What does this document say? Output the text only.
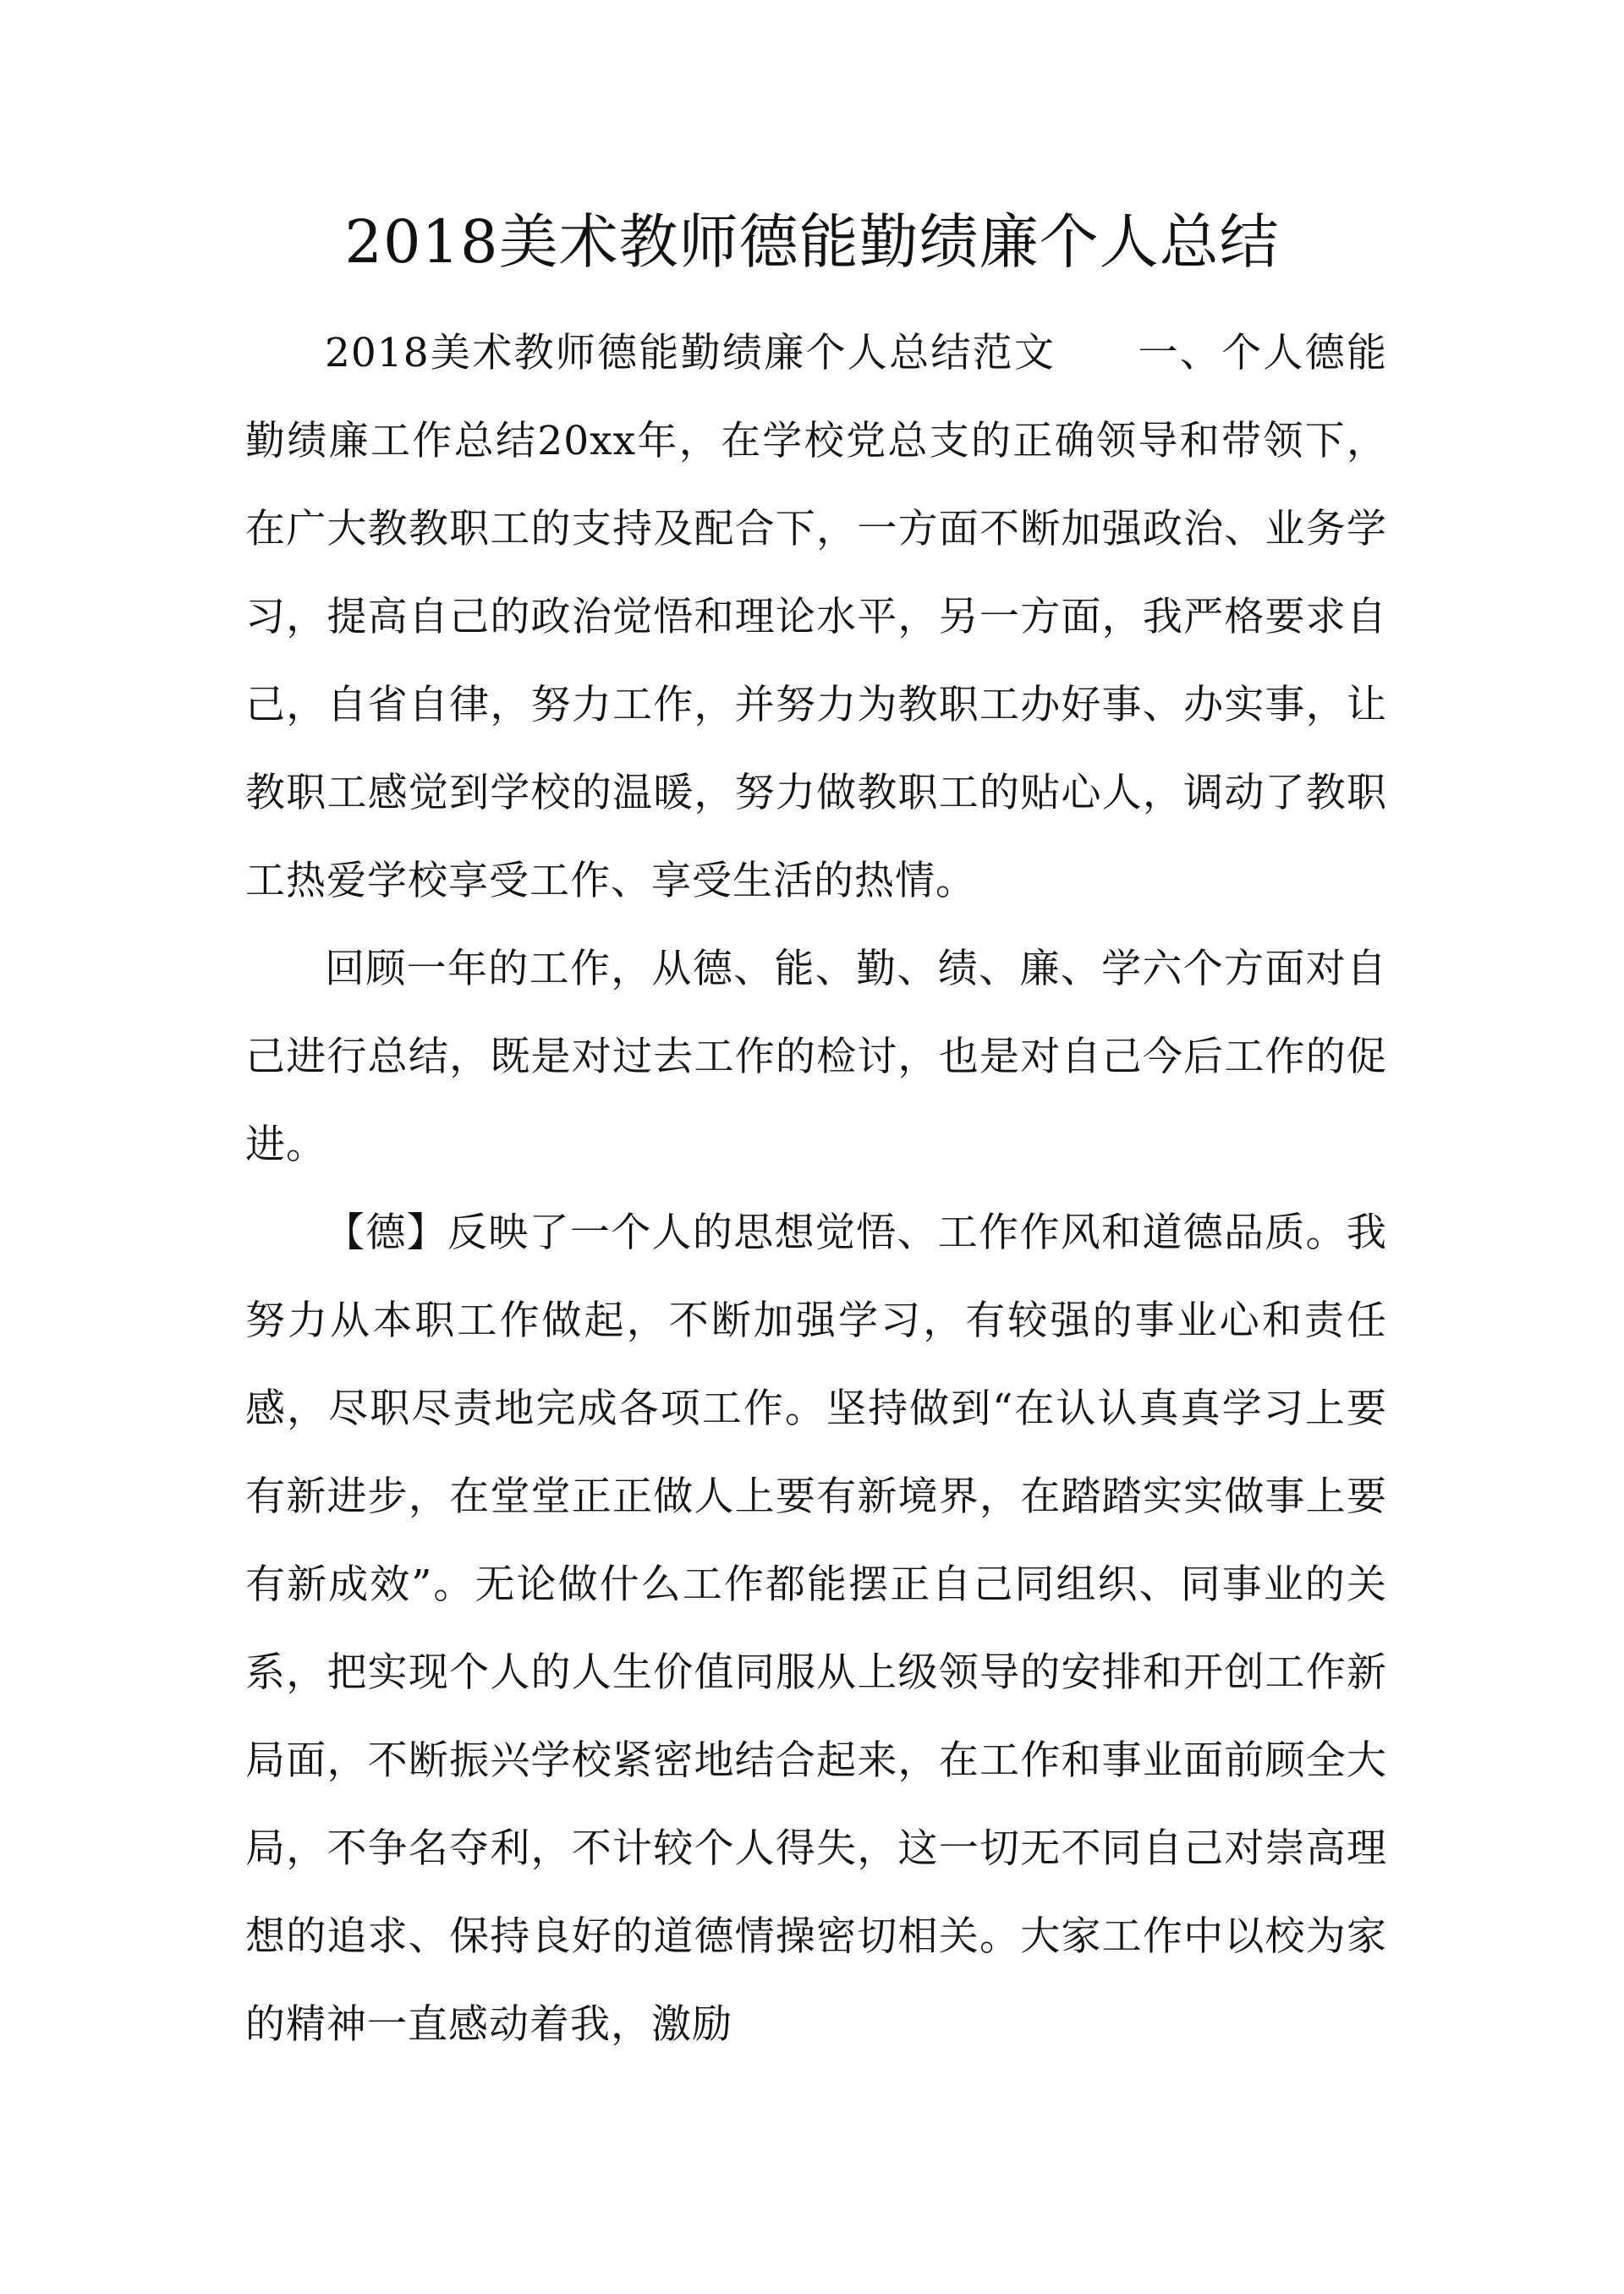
2018美术教师德能勤绩廉个人总结

2018美术教师德能勤绩廉个人总结范文 一、个人德能勤绩廉工作总结20xx年，在学校党总支的正确领导和带领下，在广大教教职工的支持及配合下，一方面不断加强政治、业务学习，提高自己的政治觉悟和理论水平，另一方面，我严格要求自己，自省自律，努力工作，并努力为教职工办好事、办实事，让教职工感觉到学校的温暖，努力做教职工的贴心人，调动了教职工热爱学校享受工作、享受生活的热情。

回顾一年的工作，从德、能、勤、绩、廉、学六个方面对自己进行总结，既是对过去工作的检讨，也是对自己今后工作的促进。

【德】反映了一个人的思想觉悟、工作作风和道德品质。我努力从本职工作做起，不断加强学习，有较强的事业心和责任感，尽职尽责地完成各项工作。坚持做到“在认认真真学习上要有新进步，在堂堂正正做人上要有新境界，在踏踏实实做事上要有新成效”。无论做什么工作都能摆正自己同组织、同事业的关系，把实现个人的人生价值同服从上级领导的安排和开创工作新局面，不断振兴学校紧密地结合起来，在工作和事业面前顾全大局，不争名夺利，不计较个人得失，这一切无不同自己对崇高理想的追求、保持良好的道德情操密切相关。大家工作中以校为家的精神一直感动着我，激励
